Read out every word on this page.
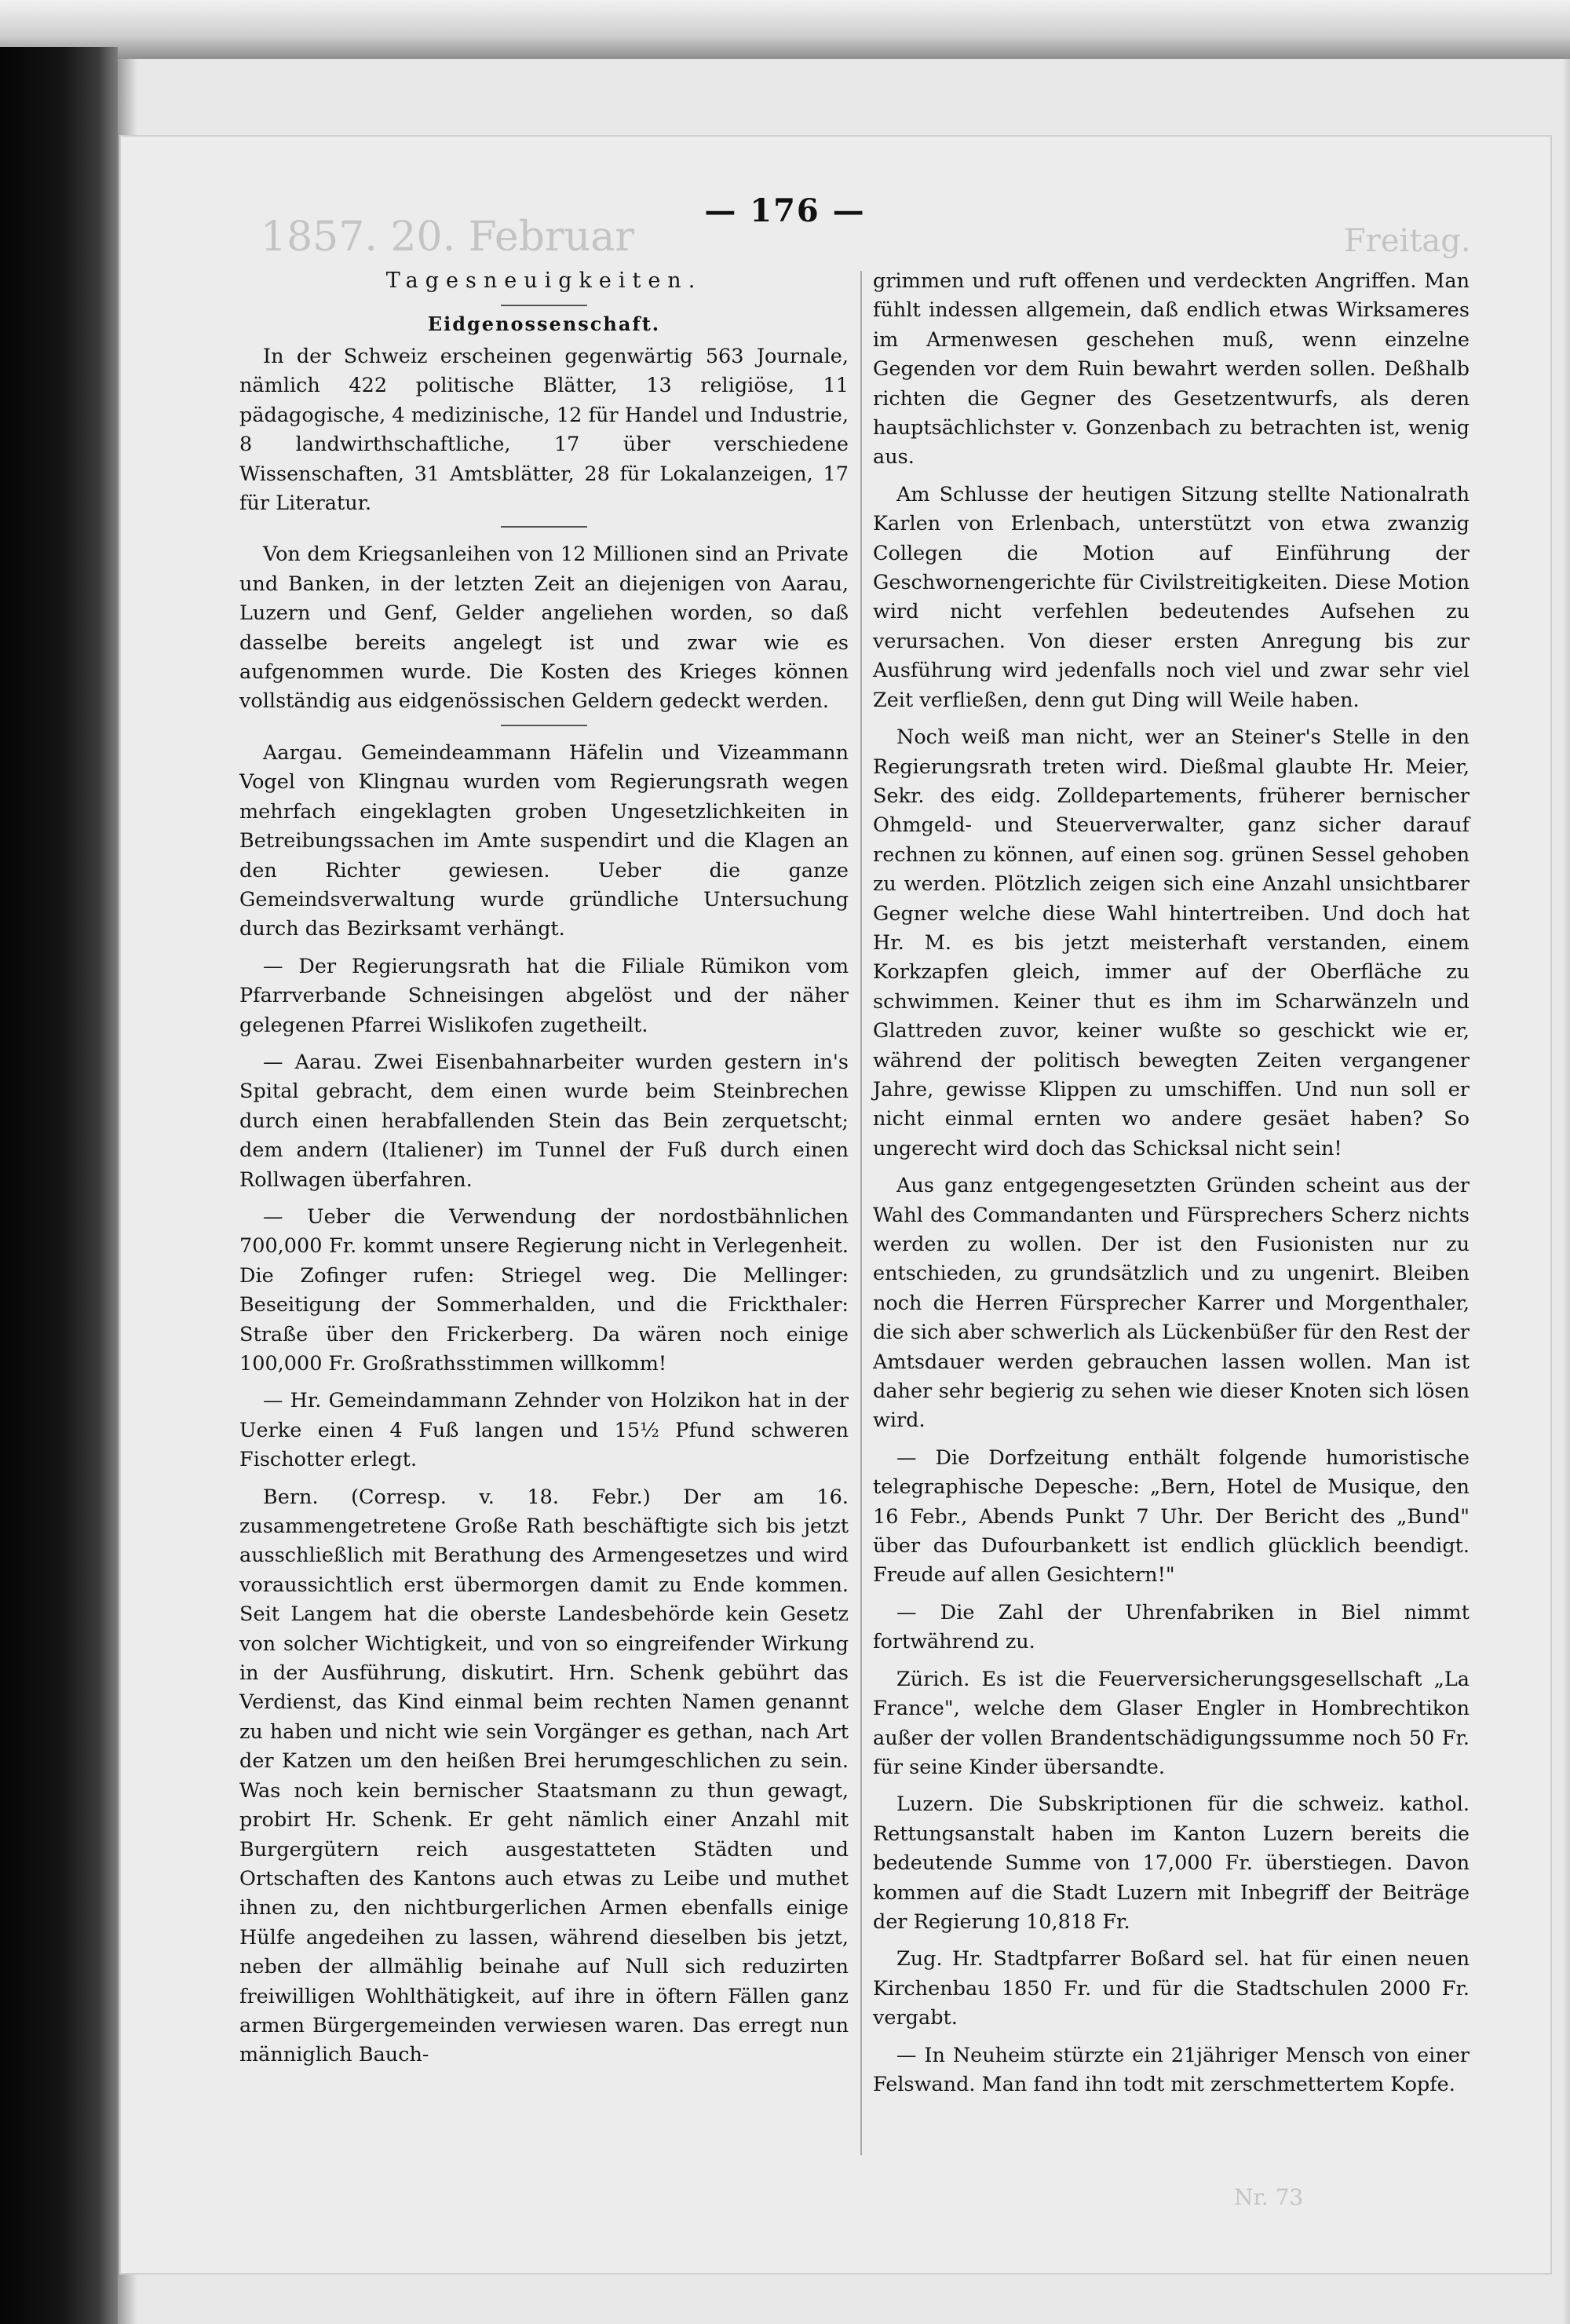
1857. 20. Februar	Freitag.
Nr. 73
— 176 —
Tagesneuigkeiten.
Eidgenossenschaft.

In der Schweiz erscheinen gegenwärtig 563 Journale, nämlich 422 politische Blätter, 13 religiöse, 11 pädagogische, 4 medizinische, 12 für Handel und Industrie, 8 landwirthschaftliche, 17 über verschiedene Wissenschaften, 31 Amtsblätter, 28 für Lokalanzeigen, 17 für Literatur.

Von dem Kriegsanleihen von 12 Millionen sind an Private und Banken, in der letzten Zeit an diejenigen von Aarau, Luzern und Genf, Gelder angeliehen worden, so daß dasselbe bereits angelegt ist und zwar wie es aufgenommen wurde. Die Kosten des Krieges können vollständig aus eidgenössischen Geldern gedeckt werden.

Aargau. Gemeindeammann Häfelin und Vizeammann Vogel von Klingnau wurden vom Regierungsrath wegen mehrfach eingeklagten groben Ungesetzlichkeiten in Betreibungssachen im Amte suspendirt und die Klagen an den Richter gewiesen. Ueber die ganze Gemeindsverwaltung wurde gründliche Untersuchung durch das Bezirksamt verhängt.

— Der Regierungsrath hat die Filiale Rümikon vom Pfarrverbande Schneisingen abgelöst und der näher gelegenen Pfarrei Wislikofen zugetheilt.

— Aarau. Zwei Eisenbahnarbeiter wurden gestern in's Spital gebracht, dem einen wurde beim Steinbrechen durch einen herabfallenden Stein das Bein zerquetscht; dem andern (Italiener) im Tunnel der Fuß durch einen Rollwagen überfahren.

— Ueber die Verwendung der nordostbähnlichen 700,000 Fr. kommt unsere Regierung nicht in Verlegenheit. Die Zofinger rufen: Striegel weg. Die Mellinger: Beseitigung der Sommerhalden, und die Frickthaler: Straße über den Frickerberg. Da wären noch einige 100,000 Fr. Großrathsstimmen willkomm!

— Hr. Gemeindammann Zehnder von Holzikon hat in der Uerke einen 4 Fuß langen und 15½ Pfund schweren Fischotter erlegt.

Bern. (Corresp. v. 18. Febr.) Der am 16. zusammengetretene Große Rath beschäftigte sich bis jetzt ausschließlich mit Berathung des Armengesetzes und wird voraussichtlich erst übermorgen damit zu Ende kommen. Seit Langem hat die oberste Landesbehörde kein Gesetz von solcher Wichtigkeit, und von so eingreifender Wirkung in der Ausführung, diskutirt. Hrn. Schenk gebührt das Verdienst, das Kind einmal beim rechten Namen genannt zu haben und nicht wie sein Vorgänger es gethan, nach Art der Katzen um den heißen Brei herumgeschlichen zu sein. Was noch kein bernischer Staatsmann zu thun gewagt, probirt Hr. Schenk. Er geht nämlich einer Anzahl mit Burgergütern reich ausgestatteten Städten und Ortschaften des Kantons auch etwas zu Leibe und muthet ihnen zu, den nichtburgerlichen Armen ebenfalls einige Hülfe angedeihen zu lassen, während dieselben bis jetzt, neben der allmählig beinahe auf Null sich reduzirten freiwilligen Wohlthätigkeit, auf ihre in öftern Fällen ganz armen Bürgergemeinden verwiesen waren. Das erregt nun männiglich Bauch-

grimmen und ruft offenen und verdeckten Angriffen. Man fühlt indessen allgemein, daß endlich etwas Wirksameres im Armenwesen geschehen muß, wenn einzelne Gegenden vor dem Ruin bewahrt werden sollen. Deßhalb richten die Gegner des Gesetzentwurfs, als deren hauptsächlichster v. Gonzenbach zu betrachten ist, wenig aus.

Am Schlusse der heutigen Sitzung stellte Nationalrath Karlen von Erlenbach, unterstützt von etwa zwanzig Collegen die Motion auf Einführung der Geschwornengerichte für Civilstreitigkeiten. Diese Motion wird nicht verfehlen bedeutendes Aufsehen zu verursachen. Von dieser ersten Anregung bis zur Ausführung wird jedenfalls noch viel und zwar sehr viel Zeit verfließen, denn gut Ding will Weile haben.

Noch weiß man nicht, wer an Steiner's Stelle in den Regierungsrath treten wird. Dießmal glaubte Hr. Meier, Sekr. des eidg. Zolldepartements, früherer bernischer Ohmgeld- und Steuerverwalter, ganz sicher darauf rechnen zu können, auf einen sog. grünen Sessel gehoben zu werden. Plötzlich zeigen sich eine Anzahl unsichtbarer Gegner welche diese Wahl hintertreiben. Und doch hat Hr. M. es bis jetzt meisterhaft verstanden, einem Korkzapfen gleich, immer auf der Oberfläche zu schwimmen. Keiner thut es ihm im Scharwänzeln und Glattreden zuvor, keiner wußte so geschickt wie er, während der politisch bewegten Zeiten vergangener Jahre, gewisse Klippen zu umschiffen. Und nun soll er nicht einmal ernten wo andere gesäet haben? So ungerecht wird doch das Schicksal nicht sein!

Aus ganz entgegengesetzten Gründen scheint aus der Wahl des Commandanten und Fürsprechers Scherz nichts werden zu wollen. Der ist den Fusionisten nur zu entschieden, zu grundsätzlich und zu ungenirt. Bleiben noch die Herren Fürsprecher Karrer und Morgenthaler, die sich aber schwerlich als Lückenbüßer für den Rest der Amtsdauer werden gebrauchen lassen wollen. Man ist daher sehr begierig zu sehen wie dieser Knoten sich lösen wird.

— Die Dorfzeitung enthält folgende humoristische telegraphische Depesche: „Bern, Hotel de Musique, den 16 Febr., Abends Punkt 7 Uhr. Der Bericht des „Bund" über das Dufourbankett ist endlich glücklich beendigt. Freude auf allen Gesichtern!"

— Die Zahl der Uhrenfabriken in Biel nimmt fortwährend zu.

Zürich. Es ist die Feuerversicherungsgesellschaft „La France", welche dem Glaser Engler in Hombrechtikon außer der vollen Brandentschädigungssumme noch 50 Fr. für seine Kinder übersandte.

Luzern. Die Subskriptionen für die schweiz. kathol. Rettungsanstalt haben im Kanton Luzern bereits die bedeutende Summe von 17,000 Fr. überstiegen. Davon kommen auf die Stadt Luzern mit Inbegriff der Beiträge der Regierung 10,818 Fr.

Zug. Hr. Stadtpfarrer Boßard sel. hat für einen neuen Kirchenbau 1850 Fr. und für die Stadtschulen 2000 Fr. vergabt.

— In Neuheim stürzte ein 21jähriger Mensch von einer Felswand. Man fand ihn todt mit zerschmettertem Kopfe.
